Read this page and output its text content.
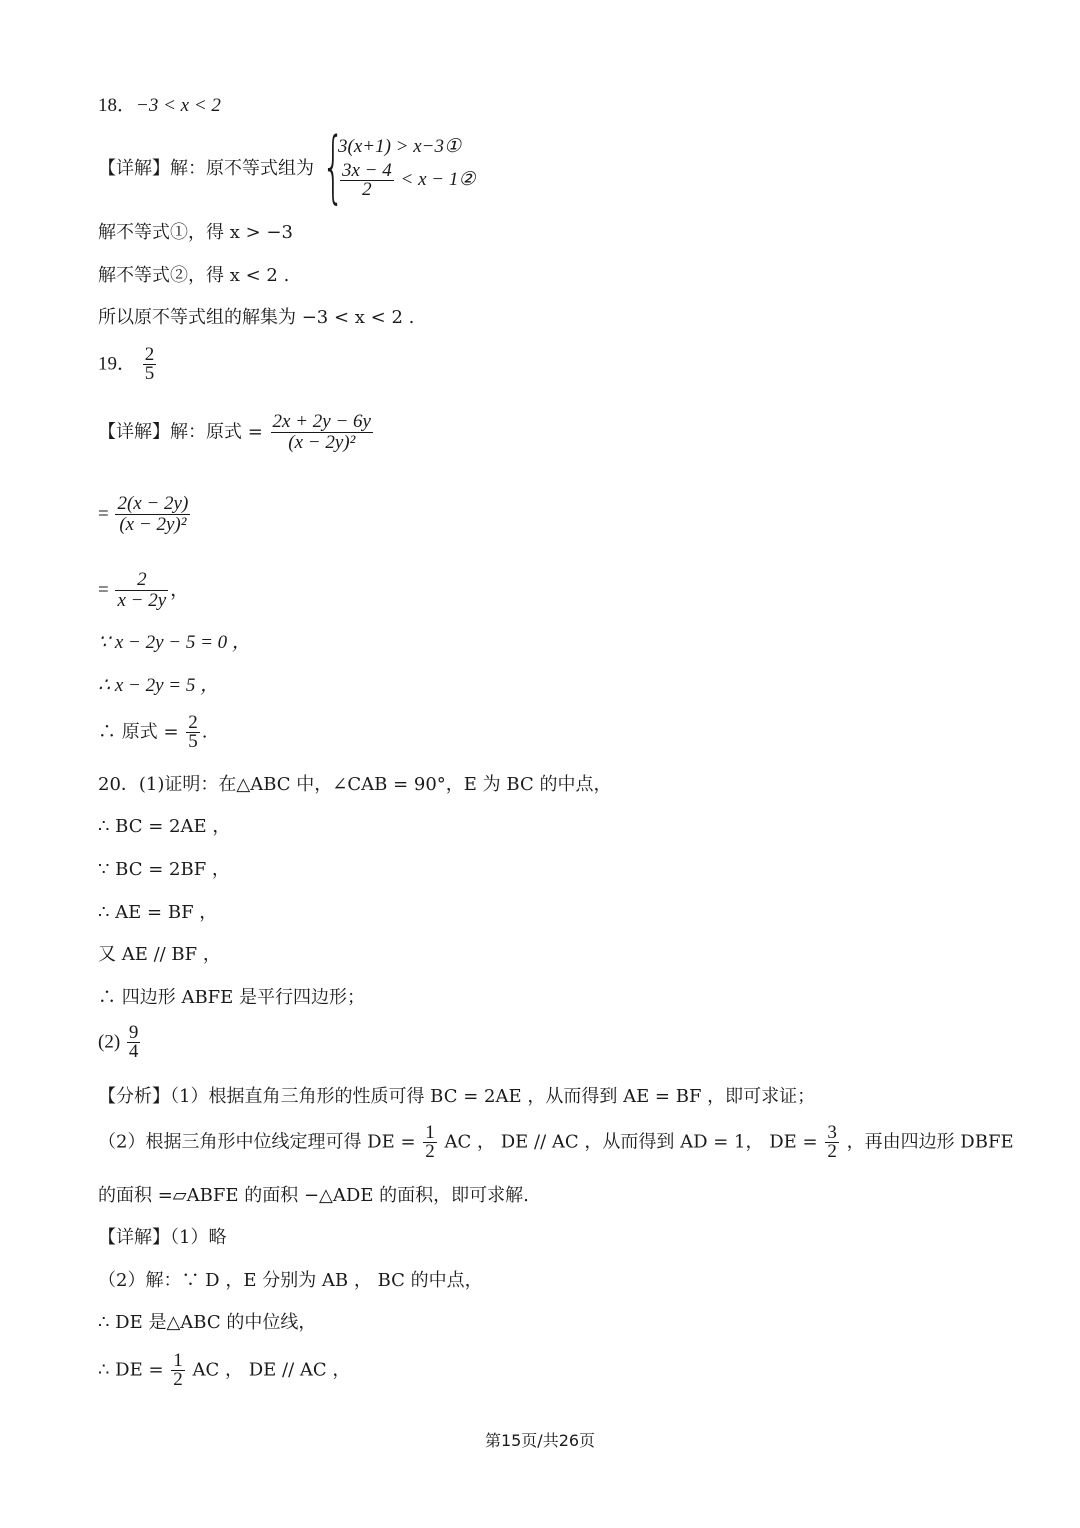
18．−3 < x < 2
【详解】解：原不等式组为 {
3(x+1) > x−3①
$\frac{3x - 4}{2} < x$ − 1②
解不等式①，得 x > −3
解不等式②，得 x < 2 .
所以原不等式组的解集为 −3 < x < 2 .
19． $\frac{2}{5}$
【详解】解：原式 = $\frac{2x + 2y - 6y}{\text{(x − 2y)²}}$
= $\frac{2(x - 2y)}{\text{(x − 2y)²}}$
= $\frac{2}{x - 2y}$ ，
∵ x − 2y − 5 = 0 ，
∴ x − 2y = 5 ，
∴ 原式 = $\frac{2}{5}$ .
20．(1)证明：在△ABC 中，∠CAB = 90°，E 为 BC 的中点，
∴ BC = 2AE ，
∵ BC = 2BF ，
∴ AE = BF ，
又 AE // BF ，
∴ 四边形 ABFE 是平行四边形；
$(2) \frac{9}{4}$
【分析】（1）根据直角三角形的性质可得 BC = 2AE ，从而得到 AE = BF ，即可求证；
（2）根据三角形中位线定理可得 DE = $\frac{1}{2}$ AC ， DE // AC ，从而得到 AD = 1， DE = $\frac{3}{2}$ ，再由四边形 DBFE
的面积 =▱ABFE 的面积 −△ADE 的面积，即可求解.
【详解】（1）略
（2）解：∵ D ，E 分别为 AB ， BC 的中点，
∴ DE 是△ABC 的中位线，
∴ DE = $\frac{1}{2}$ AC ， DE // AC ，
第15页/共26页
